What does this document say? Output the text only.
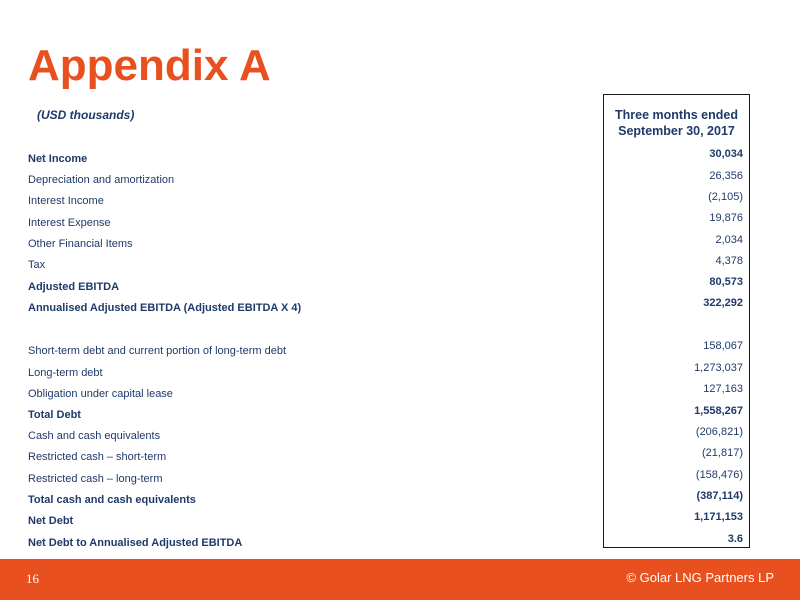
Appendix A
(USD thousands)	Three months ended
September 30, 2017
Net Income	30,034
Depreciation and amortization	26,356
Interest Income	(2,105)
Interest Expense	19,876
Other Financial Items	2,034
Tax	4,378
Adjusted EBITDA	80,573
Annualised Adjusted EBITDA (Adjusted EBITDA X 4)	322,292
Short-term debt and current portion of long-term debt	158,067
Long-term debt	1,273,037
Obligation under capital lease	127,163
Total Debt	1,558,267
Cash and cash equivalents	(206,821)
Restricted cash – short-term	(21,817)
Restricted cash – long-term	(158,476)
Total cash and cash equivalents	(387,114)
Net Debt	1,171,153
Net Debt to Annualised Adjusted EBITDA	3.6
16	© Golar LNG Partners LP
